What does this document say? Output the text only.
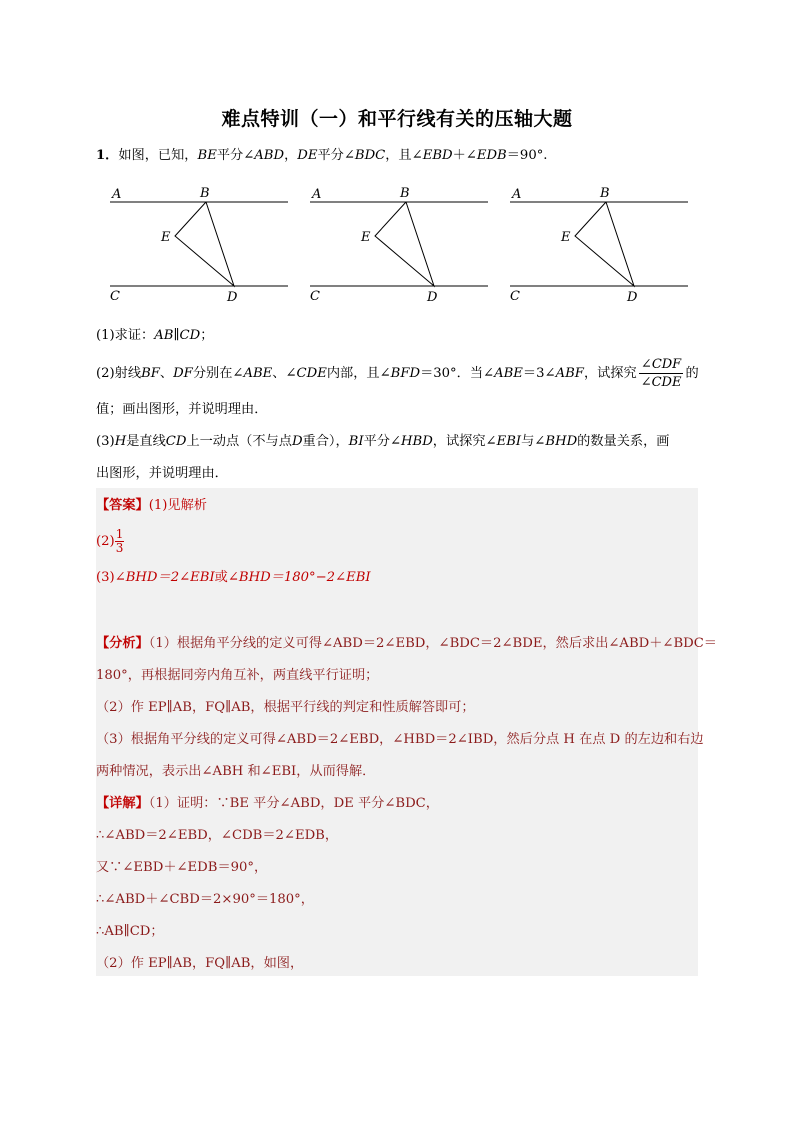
难点特训（一）和平行线有关的压轴大题
1．如图，已知，BE平分∠ABD，DE平分∠BDC，且∠EBD＋∠EDB＝90°.
A	B
E
C	D
A	B
E
C	D
A	B
E
C	D
(1)求证：AB∥CD；
(2)射线BF、DF分别在∠ABE、∠CDE内部，且∠BFD＝30°．当∠ABE＝3∠ABF，试探究 $\frac{\text{∠CDF}}{\text{∠CDE}}$ 的
值；画出图形，并说明理由．
(3)H是直线CD上一动点（不与点D重合），BI平分∠HBD，试探究∠EBI与∠BHD的数量关系，画
出图形，并说明理由．
【答案】(1)见解析
$(2) \frac{1}{3}$
(3)∠BHD＝2∠EBI或∠BHD＝180°−2∠EBI
【分析】（1）根据角平分线的定义可得∠ABD＝2∠EBD，∠BDC＝2∠BDE，然后求出∠ABD＋∠BDC＝
180°，再根据同旁内角互补，两直线平行证明；
（2）作 EP∥AB，FQ∥AB，根据平行线的判定和性质解答即可；
（3）根据角平分线的定义可得∠ABD＝2∠EBD，∠HBD＝2∠IBD，然后分点 H 在点 D 的左边和右边
两种情况，表示出∠ABH 和∠EBI，从而得解．
【详解】（1）证明：∵BE 平分∠ABD，DE 平分∠BDC，
∴∠ABD＝2∠EBD，∠CDB＝2∠EDB，
又∵∠EBD＋∠EDB＝90°，
∴∠ABD＋∠CBD＝2×90°＝180°，
∴AB∥CD；
（2）作 EP∥AB，FQ∥AB，如图，
